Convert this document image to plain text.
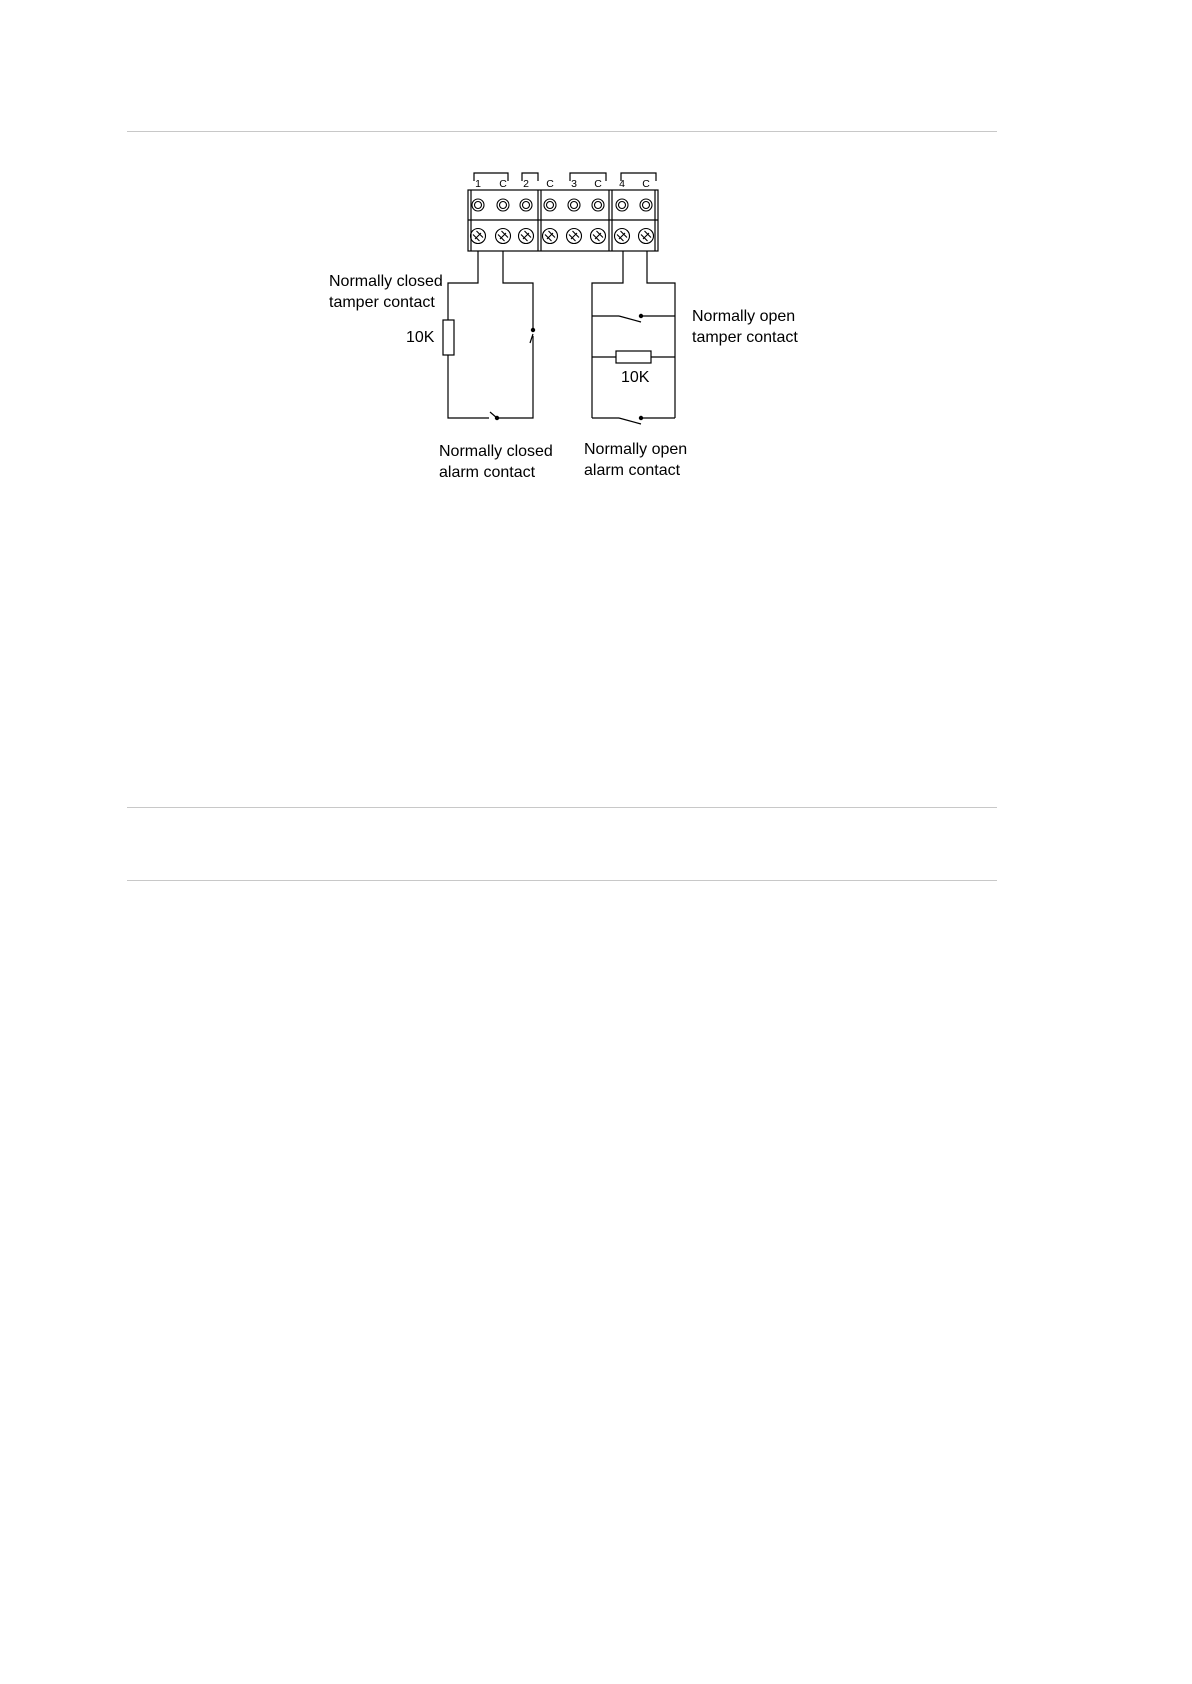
1 C 2 C 3 C 4 C
Normally closed
tamper contact
10K
Normally closed
alarm contact
Normally open
tamper contact
10K
Normally open
alarm contact
